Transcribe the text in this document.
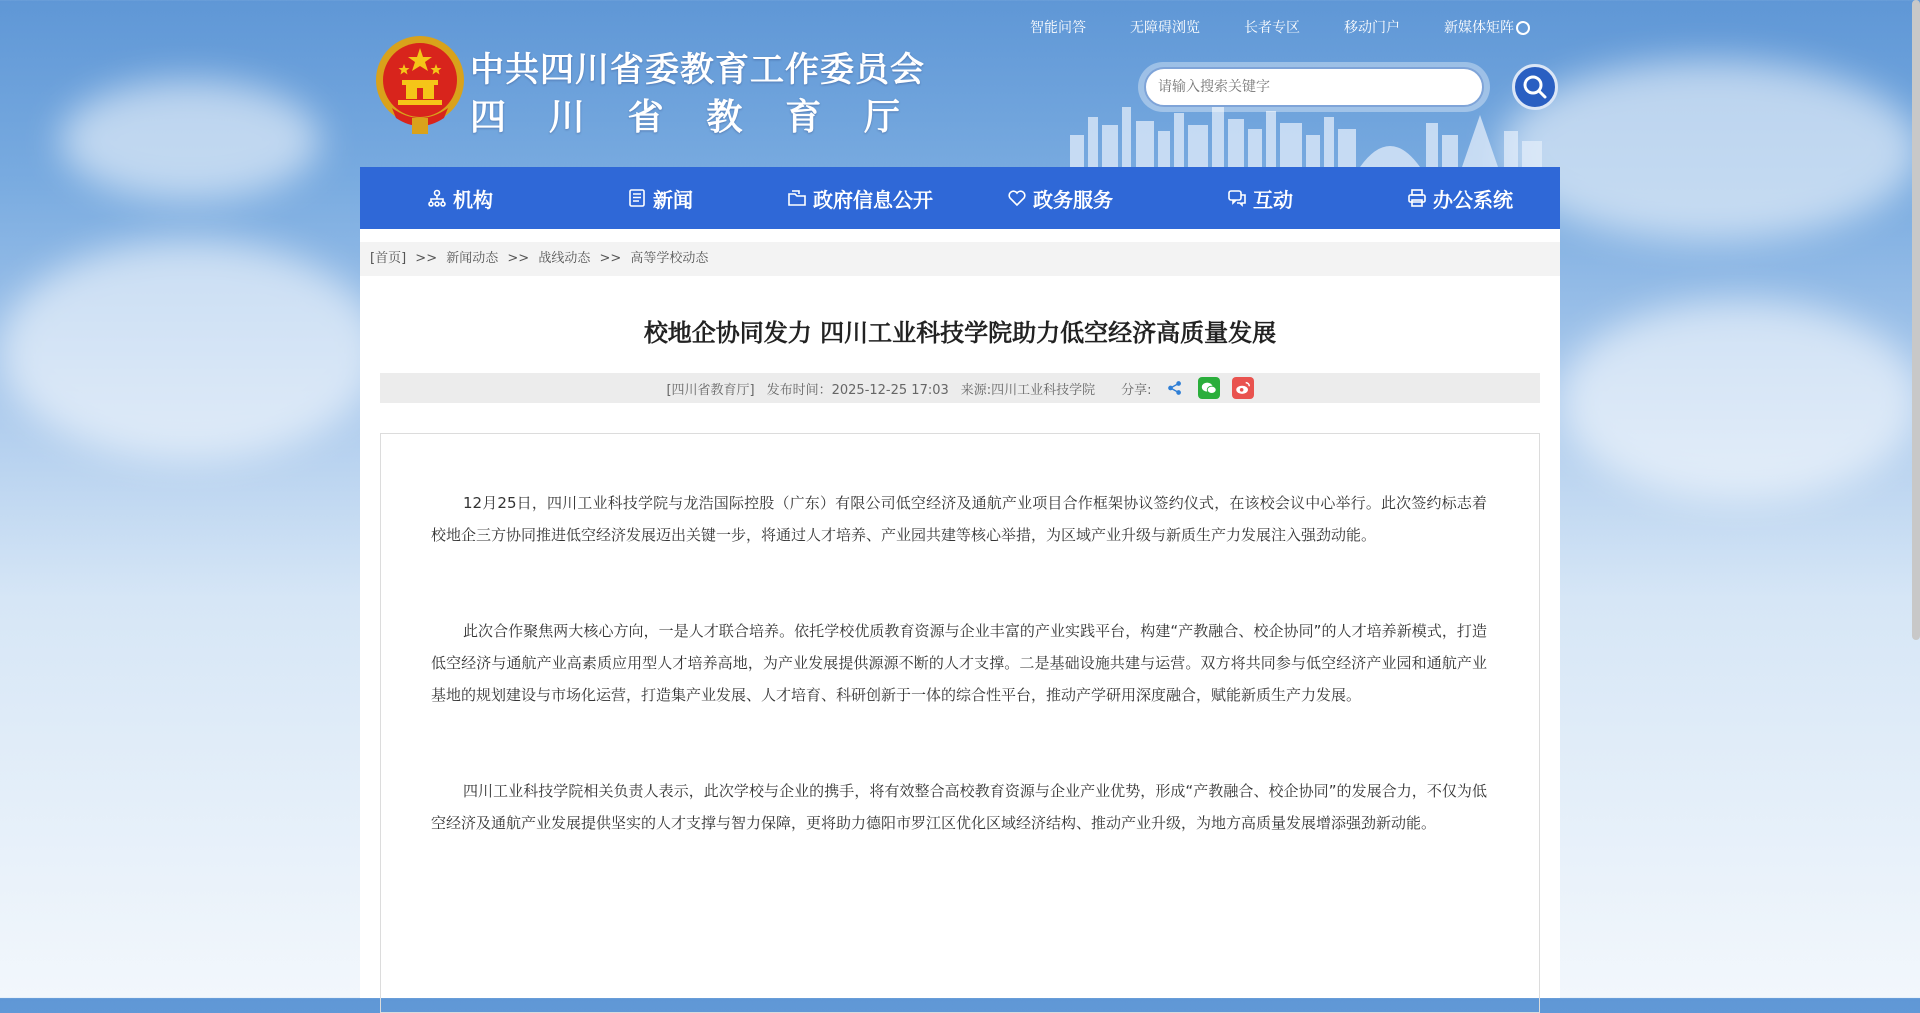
中共四川省委教育工作委员会
四 川 省 教 育 厅
智能问答	无障碍浏览	长者专区	移动门户	新媒体矩阵
请输入搜索关键字
机构	新闻	政府信息公开	政务服务	互动	办公系统
[首页] >> 新闻动态 >> 战线动态 >> 高等学校动态
校地企协同发力 四川工业科技学院助力低空经济高质量发展
[四川省教育厅] 发布时间：2025-12-25 17:03 来源:四川工业科技学院 分享:

12月25日，四川工业科技学院与龙浩国际控股（广东）有限公司低空经济及通航产业项目合作框架协议签约仪式，在该校会议中心举行。此次签约标志着校地企三方协同推进低空经济发展迈出关键一步，将通过人才培养、产业园共建等核心举措，为区域产业升级与新质生产力发展注入强劲动能。

此次合作聚焦两大核心方向，一是人才联合培养。依托学校优质教育资源与企业丰富的产业实践平台，构建“产教融合、校企协同”的人才培养新模式，打造低空经济与通航产业高素质应用型人才培养高地，为产业发展提供源源不断的人才支撑。二是基础设施共建与运营。双方将共同参与低空经济产业园和通航产业基地的规划建设与市场化运营，打造集产业发展、人才培育、科研创新于一体的综合性平台，推动产学研用深度融合，赋能新质生产力发展。

四川工业科技学院相关负责人表示，此次学校与企业的携手，将有效整合高校教育资源与企业产业优势，形成“产教融合、校企协同”的发展合力，不仅为低空经济及通航产业发展提供坚实的人才支撑与智力保障，更将助力德阳市罗江区优化区域经济结构、推动产业升级，为地方高质量发展增添强劲新动能。
